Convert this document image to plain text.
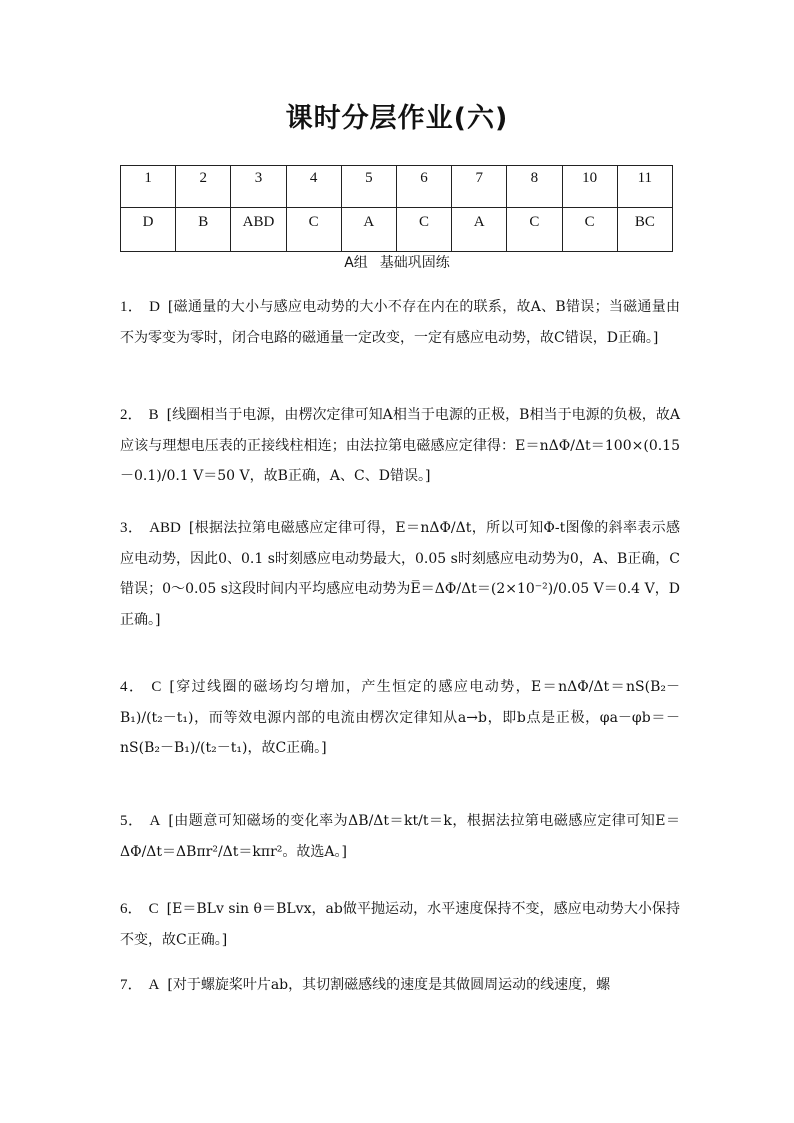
课时分层作业(六)
1	2	3	4	5	6	7	8	10	11
D	B	ABD	C	A	C	A	C	C	BC
A组 基础巩固练
1． D [磁通量的大小与感应电动势的大小不存在内在的联系，故A、B错误；当磁通量由不为零变为零时，闭合电路的磁通量一定改变，一定有感应电动势，故C错误，D正确。]
2． B [线圈相当于电源，由楞次定律可知A相当于电源的正极，B相当于电源的负极，故A应该与理想电压表的正接线柱相连；由法拉第电磁感应定律得：E＝nΔΦ/Δt＝100×(0.15－0.1)/0.1 V＝50 V，故B正确，A、C、D错误。]
3． ABD [根据法拉第电磁感应定律可得，E＝nΔΦ/Δt，所以可知Φ-t图像的斜率表示感应电动势，因此0、0.1 s时刻感应电动势最大，0.05 s时刻感应电动势为0，A、B正确，C错误；0～0.05 s这段时间内平均感应电动势为E̅＝ΔΦ/Δt＝(2×10⁻²)/0.05 V＝0.4 V，D正确。]
4． C [穿过线圈的磁场均匀增加，产生恒定的感应电动势，E＝nΔΦ/Δt＝nS(B₂－B₁)/(t₂－t₁)，而等效电源内部的电流由楞次定律知从a→b，即b点是正极，φa－φb＝－nS(B₂－B₁)/(t₂－t₁)，故C正确。]
5． A [由题意可知磁场的变化率为ΔB/Δt＝kt/t＝k，根据法拉第电磁感应定律可知E＝ΔΦ/Δt＝ΔBπr²/Δt＝kπr²。故选A。]
6． C [E＝BLv sin θ＝BLvx，ab做平抛运动，水平速度保持不变，感应电动势大小保持不变，故C正确。]
7． A [对于螺旋桨叶片ab，其切割磁感线的速度是其做圆周运动的线速度，螺
